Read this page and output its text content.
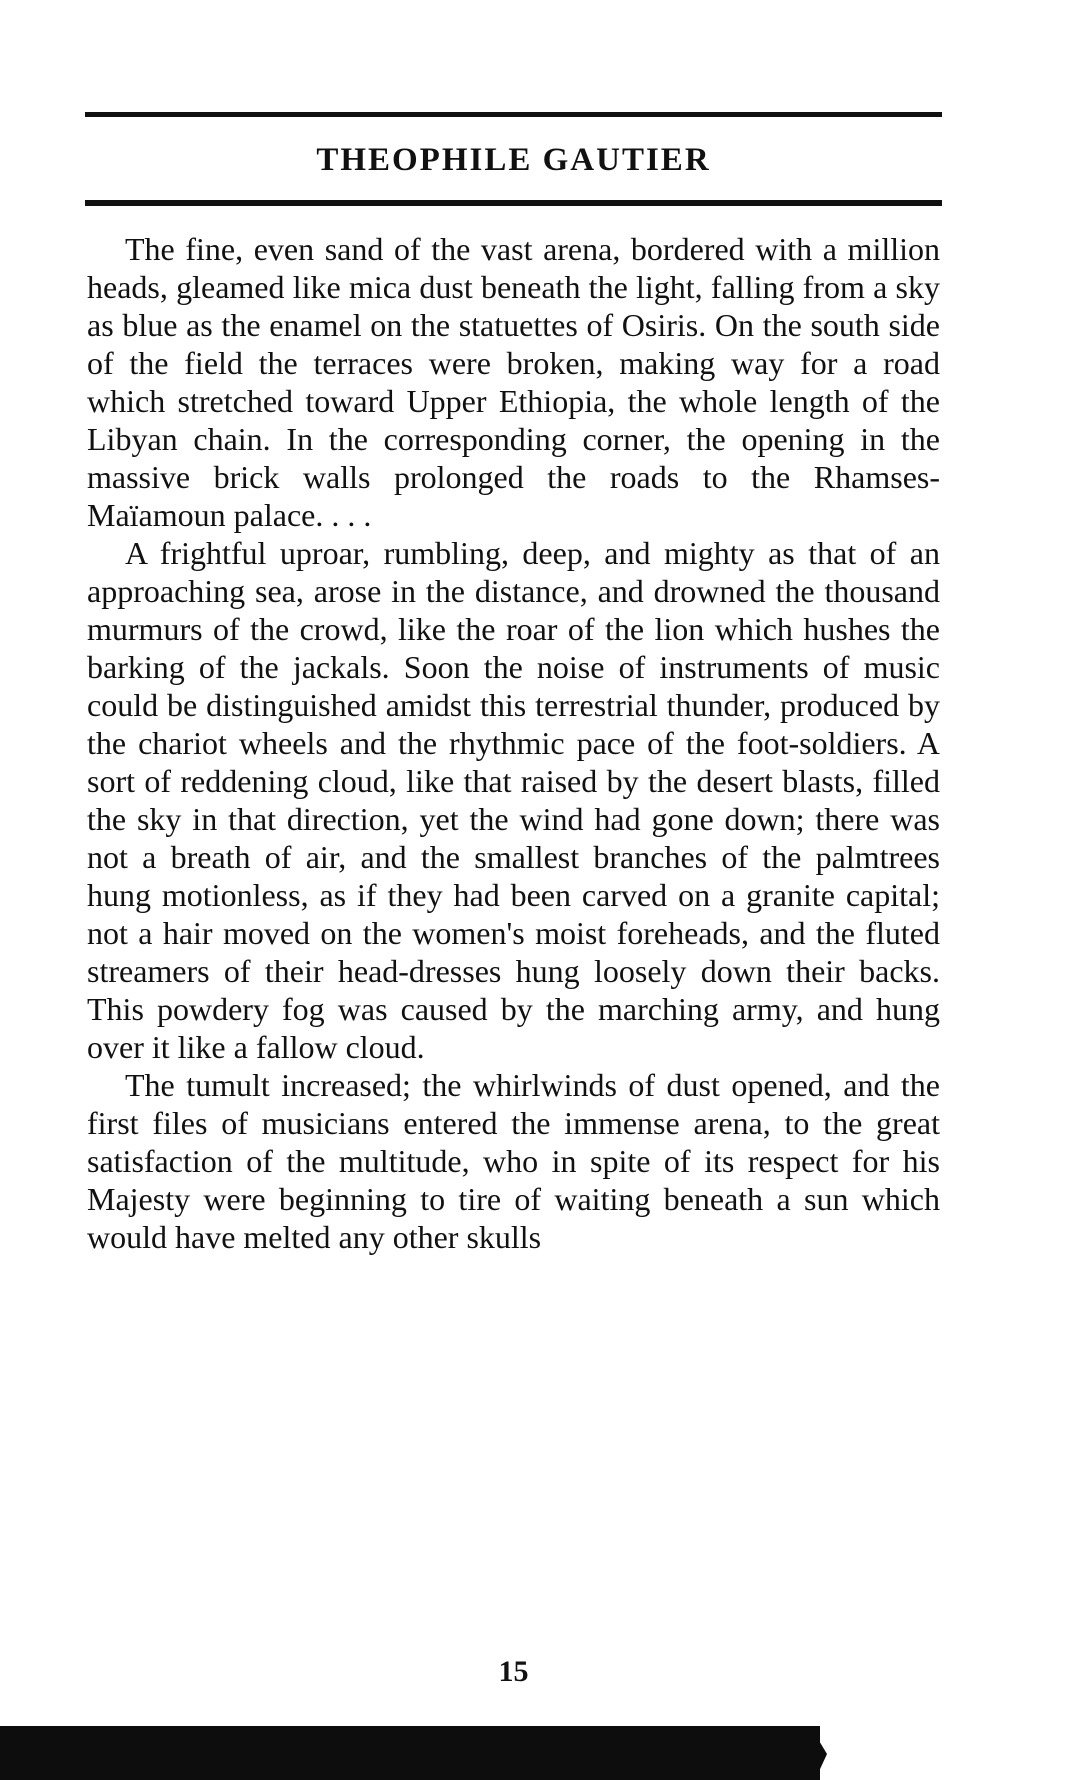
THEOPHILE GAUTIER

The fine, even sand of the vast arena, bordered with a million heads, gleamed like mica dust beneath the light, falling from a sky as blue as the enamel on the statuettes of Osiris. On the south side of the field the terraces were broken, making way for a road which stretched toward Upper Ethiopia, the whole length of the Libyan chain. In the corresponding corner, the opening in the massive brick walls prolonged the roads to the Rhamses-Maïamoun palace. . . .

A frightful uproar, rumbling, deep, and mighty as that of an approaching sea, arose in the distance, and drowned the thousand murmurs of the crowd, like the roar of the lion which hushes the barking of the jackals. Soon the noise of instruments of music could be distinguished amidst this terrestrial thunder, produced by the chariot wheels and the rhythmic pace of the foot-soldiers. A sort of reddening cloud, like that raised by the desert blasts, filled the sky in that direction, yet the wind had gone down; there was not a breath of air, and the smallest branches of the palmtrees hung motionless, as if they had been carved on a granite capital; not a hair moved on the women's moist foreheads, and the fluted streamers of their head-dresses hung loosely down their backs. This powdery fog was caused by the marching army, and hung over it like a fallow cloud.

The tumult increased; the whirlwinds of dust opened, and the first files of musicians entered the immense arena, to the great satisfaction of the multitude, who in spite of its respect for his Majesty were beginning to tire of waiting beneath a sun which would have melted any other skulls

15
